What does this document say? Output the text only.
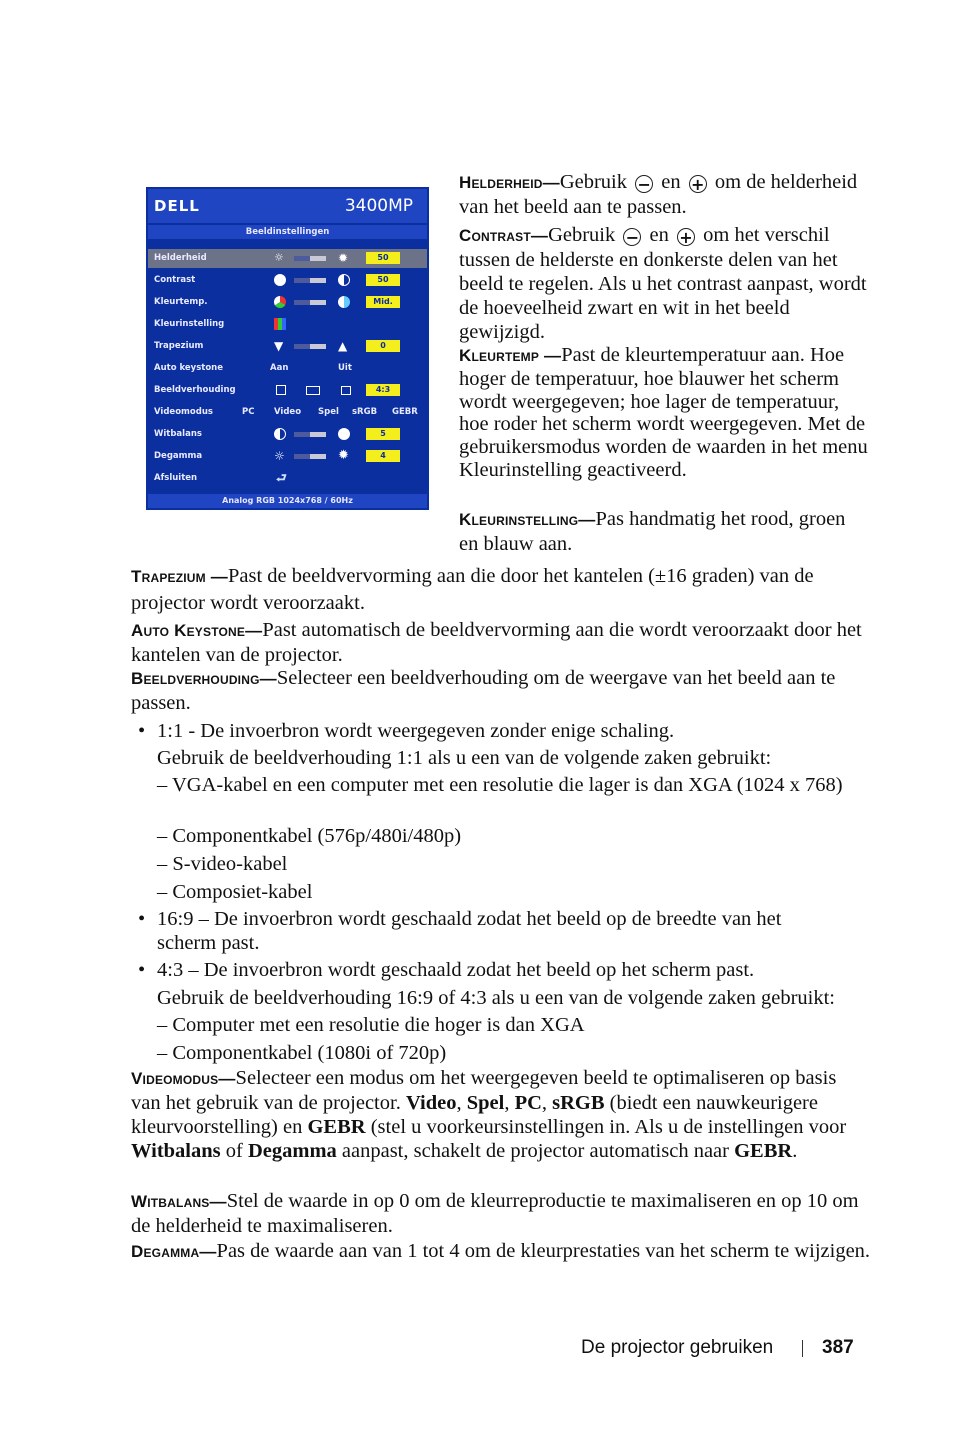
DELL	3400MP
Beeldinstellingen
Helderheid	☼	✹	50
Contrast	50
Kleurtemp.	Mid.
Kleurinstelling
Trapezium	▼	▲	0
Auto keystone	Aan	Uit
Beeldverhouding	4:3
Videomodus	PC Video Spel sRGB GEBR
Witbalans	5
Degamma	☼	✹	4
Afsluiten	⮐
Analog RGB 1024x768 / 60Hz

Helderheid—Gebruik − en + om de helderheid van het beeld aan te passen.

Contrast—Gebruik − en + om het verschil tussen de helderste en donkerste delen van het beeld te regelen. Als u het contrast aanpast, wordt de hoeveelheid zwart en wit in het beeld gewijzigd.

Kleurtemp —Past de kleurtemperatuur aan. Hoe hoger de temperatuur, hoe blauwer het scherm wordt weergegeven; hoe lager de temperatuur, hoe roder het scherm wordt weergegeven. Met de gebruikersmodus worden de waarden in het menu Kleurinstelling geactiveerd.

Kleurinstelling—Pas handmatig het rood, groen en blauw aan.

Trapezium —Past de beeldvervorming aan die door het kantelen (±16 graden) van de projector wordt veroorzaakt.

Auto Keystone—Past automatisch de beeldvervorming aan die wordt veroorzaakt door het kantelen van de projector.

Beeldverhouding—Selecteer een beeldverhouding om de weergave van het beeld aan te passen.

• 1:1 - De invoerbron wordt weergegeven zonder enige schaling.

Gebruik de beeldverhouding 1:1 als u een van de volgende zaken gebruikt:

– VGA-kabel en een computer met een resolutie die lager is dan XGA (1024 x 768)

– Componentkabel (576p/480i/480p)

– S-video-kabel

– Composiet-kabel

• 16:9 – De invoerbron wordt geschaald zodat het beeld op de breedte van het scherm past.

• 4:3 – De invoerbron wordt geschaald zodat het beeld op het scherm past.

Gebruik de beeldverhouding 16:9 of 4:3 als u een van de volgende zaken gebruikt:

– Computer met een resolutie die hoger is dan XGA

– Componentkabel (1080i of 720p)

Videomodus—Selecteer een modus om het weergegeven beeld te optimaliseren op basis van het gebruik van de projector. Video, Spel, PC, sRGB (biedt een nauwkeurigere kleurvoorstelling) en GEBR (stel u voorkeursinstellingen in. Als u de instellingen voor Witbalans of Degamma aanpast, schakelt de projector automatisch naar GEBR.

Witbalans—Stel de waarde in op 0 om de kleurreproductie te maximaliseren en op 10 om de helderheid te maximaliseren.

Degamma—Pas de waarde aan van 1 tot 4 om de kleurprestaties van het scherm te wijzigen.

De projector gebruiken	387
